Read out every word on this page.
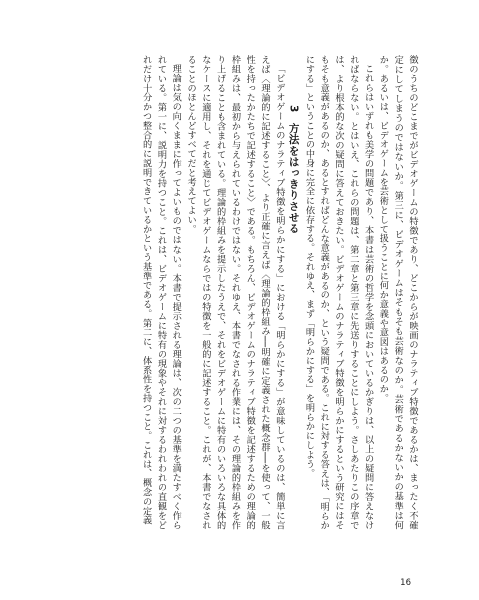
徴のうちのどこまでがビデオゲームの特徴であり、どこからが映画のナラティブ特徴であるかは、まったく不確定にしてしまうのではないか。第三に、ビデオゲームはそもそも芸術なのか。芸術であるかないかの基準は何か。あるいは、ビデオゲームを芸術として扱うことに何か意義や意図はあるのか。

これらはいずれも美学の問題であり、本書は芸術の哲学を念頭においているかぎりは、以上の疑問に答えなければならない。とはいえ、これらの問題は、第二章と第三章に先送りすることにしよう。さしあたりこの序章では、より根本的な次の疑問に答えておきたい。ビデオゲームのナラティブ特徴を明らかにするという研究にはそもそも意義があるのか、あるとすればどんな意義があるのか、という疑問である。これに対する答えは、「明らかにする」ということの中身に完全に依存する。それゆえ、まず「明らかにする」を明らかにしよう。

3方法をはっきりさせる

「ビデオゲームのナラティブ特徴を明らかにする」における「明らかにする」が意味しているのは、簡単に言えば〈理論的に記述すること〉、より正確に言えば〈理論的枠組み──明確に定義された概念群──を使って、一般性を持ったかたちで記述すること〉である。もちろん、ビデオゲームのナラティブ特徴を記述するための理論的枠組みは、最初から与えられているわけではない。それゆえ、本書でなされる作業には、その理論的枠組みを作り上げることも含まれている。理論的枠組みを提示したうえで、それをビデオゲームに特有のいろいろな具体的なケースに適用し、それを通じてビデオゲームならではの特徴を一般的に記述すること。これが、本書でなされることのほとんどすべてだと考えてよい。

理論は気の向くままに作ってよいものではない。本書で提示される理論は、次の二つの基準を満たすべく作られている。第一に、説明力を持つこと。これは、ビデオゲームに特有の現象やそれに対するわれわれの直観をどれだけ十分かつ整合的に説明できているかという基準である。第二に、体系性を持つこと。これは、概念の定義

16
